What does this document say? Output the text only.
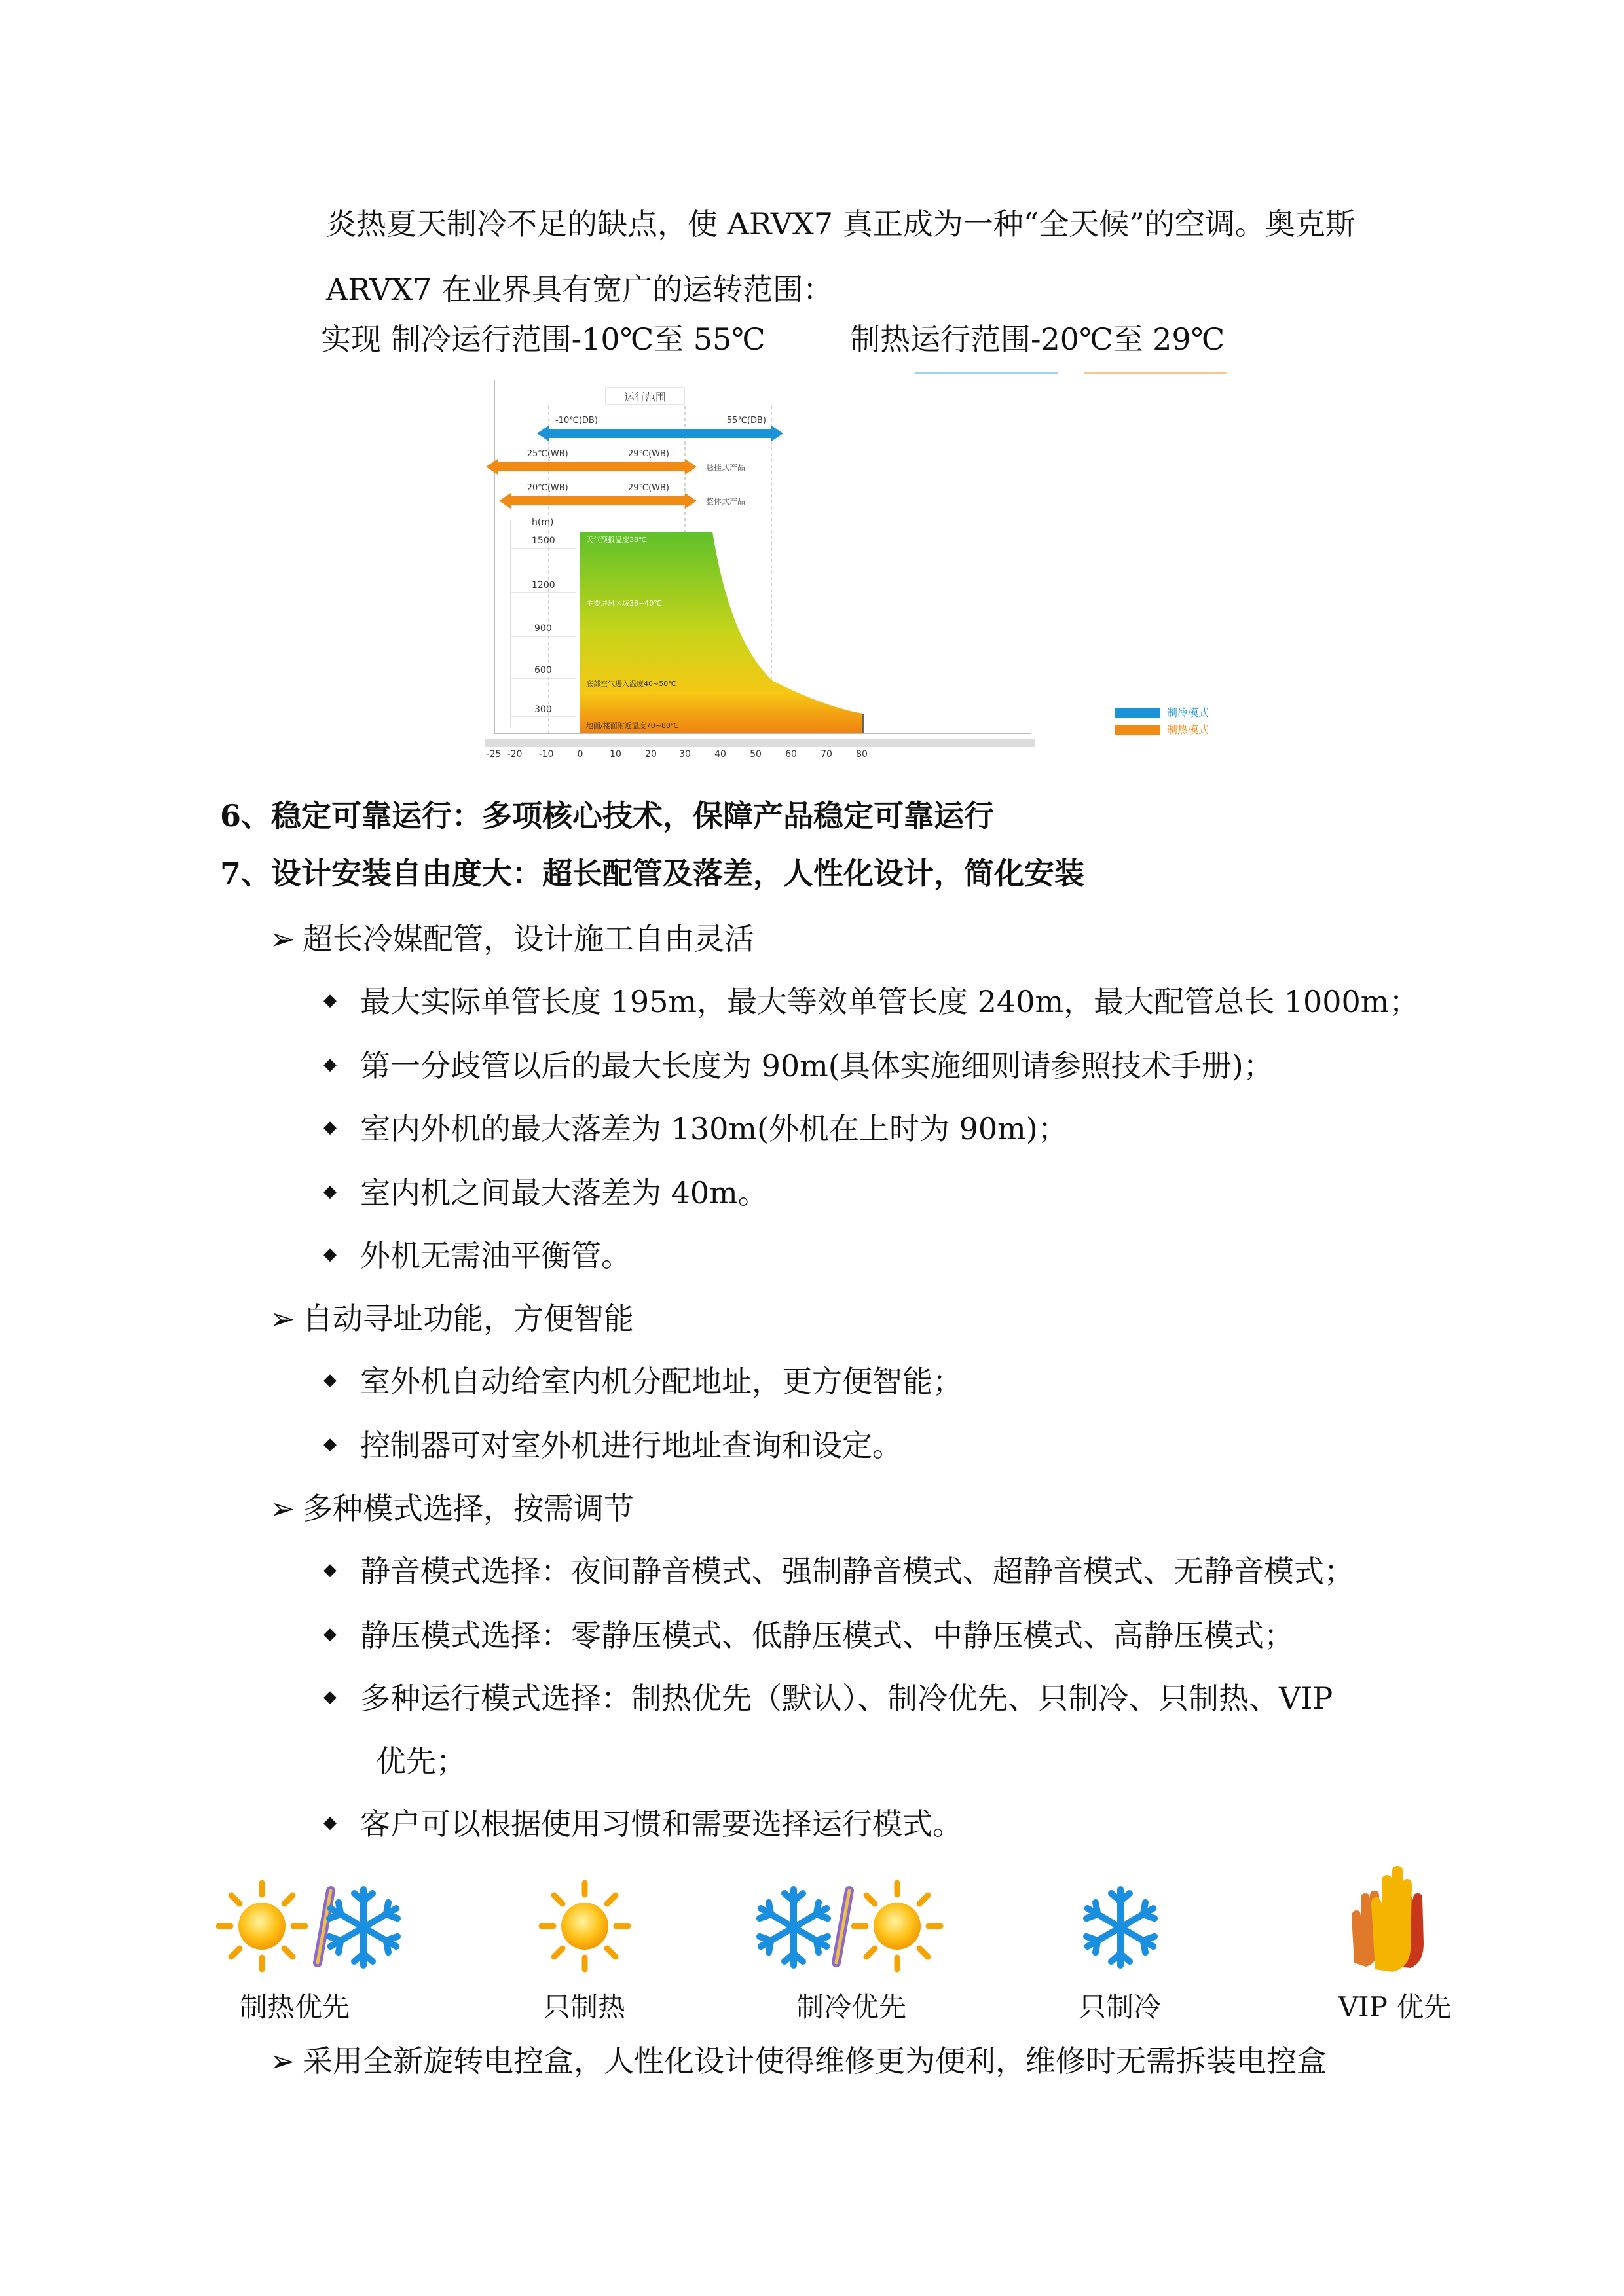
炎热夏天制冷不足的缺点，使 ARVX7 真正成为一种“全天候”的空调。奥克斯
ARVX7 在业界具有宽广的运转范围：
实现 制冷运行范围-10℃至 55℃	制热运行范围-20℃至 29℃
运行范围
-10℃(DB)	55℃(DB)
-25℃(WB)	29℃(WB)
悬挂式产品
-20℃(WB)	29℃(WB)
整体式产品
h(m)
1500
1200
900
600
300
天气预报温度38℃
主要进风区域38~40℃
底部空气进入温度40~50℃
地面/楼面附近温度70~80℃
-25 -20 -10	0	10	20 30	40	50	60	70	80
制冷模式
制热模式
6、稳定可靠运行：多项核心技术，保障产品稳定可靠运行
7、设计安装自由度大：超长配管及落差，人性化设计，简化安装
➢ 超长冷媒配管，设计施工自由灵活
◆ 最大实际单管长度 195m，最大等效单管长度 240m，最大配管总长 1000m；
◆ 第一分歧管以后的最大长度为 90m(具体实施细则请参照技术手册)；
◆ 室内外机的最大落差为 130m(外机在上时为 90m)；
◆ 室内机之间最大落差为 40m。
◆ 外机无需油平衡管。
➢ 自动寻址功能，方便智能
◆ 室外机自动给室内机分配地址，更方便智能；
◆ 控制器可对室外机进行地址查询和设定。
➢ 多种模式选择，按需调节
◆ 静音模式选择：夜间静音模式、强制静音模式、超静音模式、无静音模式；
◆ 静压模式选择：零静压模式、低静压模式、中静压模式、高静压模式；
◆ 多种运行模式选择：制热优先（默认）、制冷优先、只制冷、只制热、VIP
优先；
◆ 客户可以根据使用习惯和需要选择运行模式。
制热优先	只制热	制冷优先	只制冷	VIP 优先
➢ 采用全新旋转电控盒，人性化设计使得维修更为便利，维修时无需拆装电控盒
